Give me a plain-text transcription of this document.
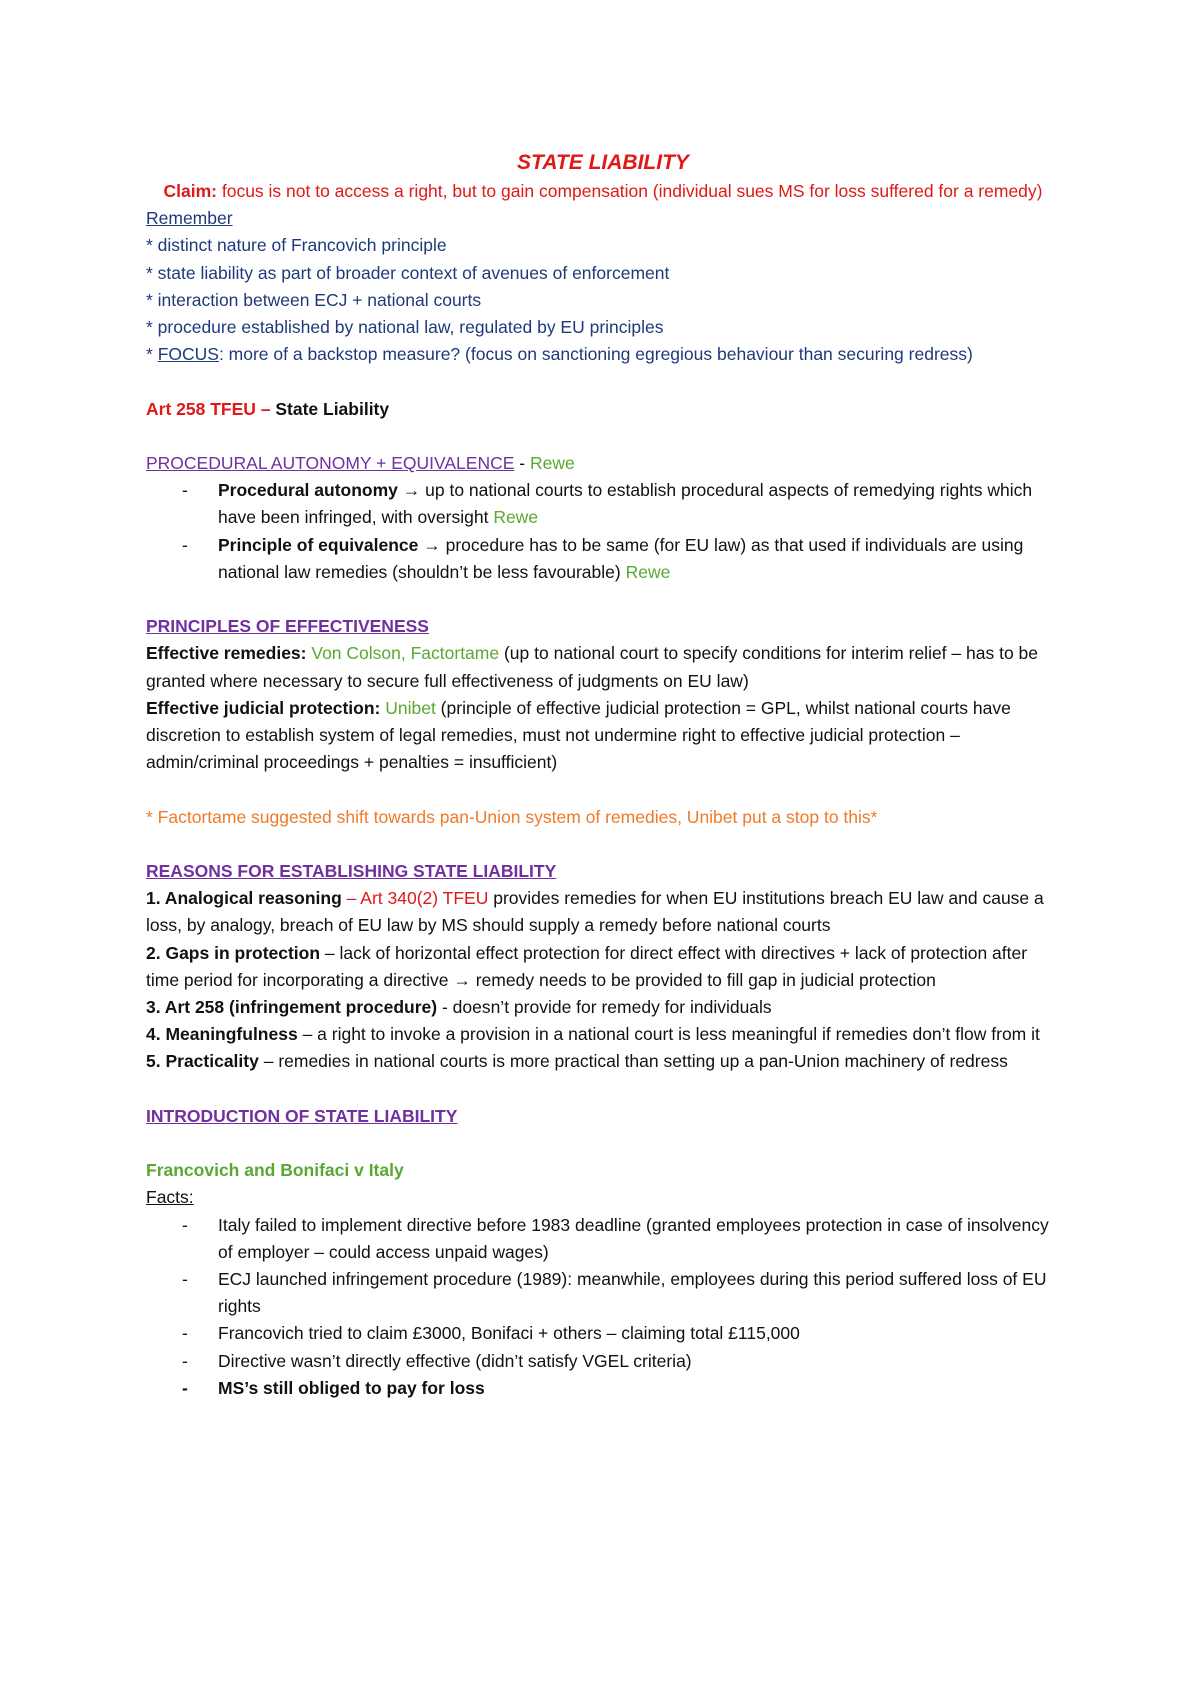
STATE LIABILITY
Claim: focus is not to access a right, but to gain compensation (individual sues MS for loss suffered for a remedy)
Remember
* distinct nature of Francovich principle
* state liability as part of broader context of avenues of enforcement
* interaction between ECJ + national courts
* procedure established by national law, regulated by EU principles
* FOCUS: more of a backstop measure? (focus on sanctioning egregious behaviour than securing redress)
Art 258 TFEU – State Liability
PROCEDURAL AUTONOMY + EQUIVALENCE - Rewe
- Procedural autonomy → up to national courts to establish procedural aspects of remedying rights which have been infringed, with oversight Rewe
- Principle of equivalence → procedure has to be same (for EU law) as that used if individuals are using national law remedies (shouldn’t be less favourable) Rewe
PRINCIPLES OF EFFECTIVENESS
Effective remedies: Von Colson, Factortame (up to national court to specify conditions for interim relief – has to be granted where necessary to secure full effectiveness of judgments on EU law)
Effective judicial protection: Unibet (principle of effective judicial protection = GPL, whilst national courts have discretion to establish system of legal remedies, must not undermine right to effective judicial protection – admin/criminal proceedings + penalties = insufficient)
* Factortame suggested shift towards pan-Union system of remedies, Unibet put a stop to this*
REASONS FOR ESTABLISHING STATE LIABILITY
1. Analogical reasoning – Art 340(2) TFEU provides remedies for when EU institutions breach EU law and cause a loss, by analogy, breach of EU law by MS should supply a remedy before national courts
2. Gaps in protection – lack of horizontal effect protection for direct effect with directives + lack of protection after time period for incorporating a directive → remedy needs to be provided to fill gap in judicial protection
3. Art 258 (infringement procedure) - doesn’t provide for remedy for individuals
4. Meaningfulness – a right to invoke a provision in a national court is less meaningful if remedies don’t flow from it
5. Practicality – remedies in national courts is more practical than setting up a pan-Union machinery of redress
INTRODUCTION OF STATE LIABILITY
Francovich and Bonifaci v Italy
Facts:
- Italy failed to implement directive before 1983 deadline (granted employees protection in case of insolvency of employer – could access unpaid wages)
- ECJ launched infringement procedure (1989): meanwhile, employees during this period suffered loss of EU rights
- Francovich tried to claim £3000, Bonifaci + others – claiming total £115,000
- Directive wasn’t directly effective (didn’t satisfy VGEL criteria)
- MS’s still obliged to pay for loss
